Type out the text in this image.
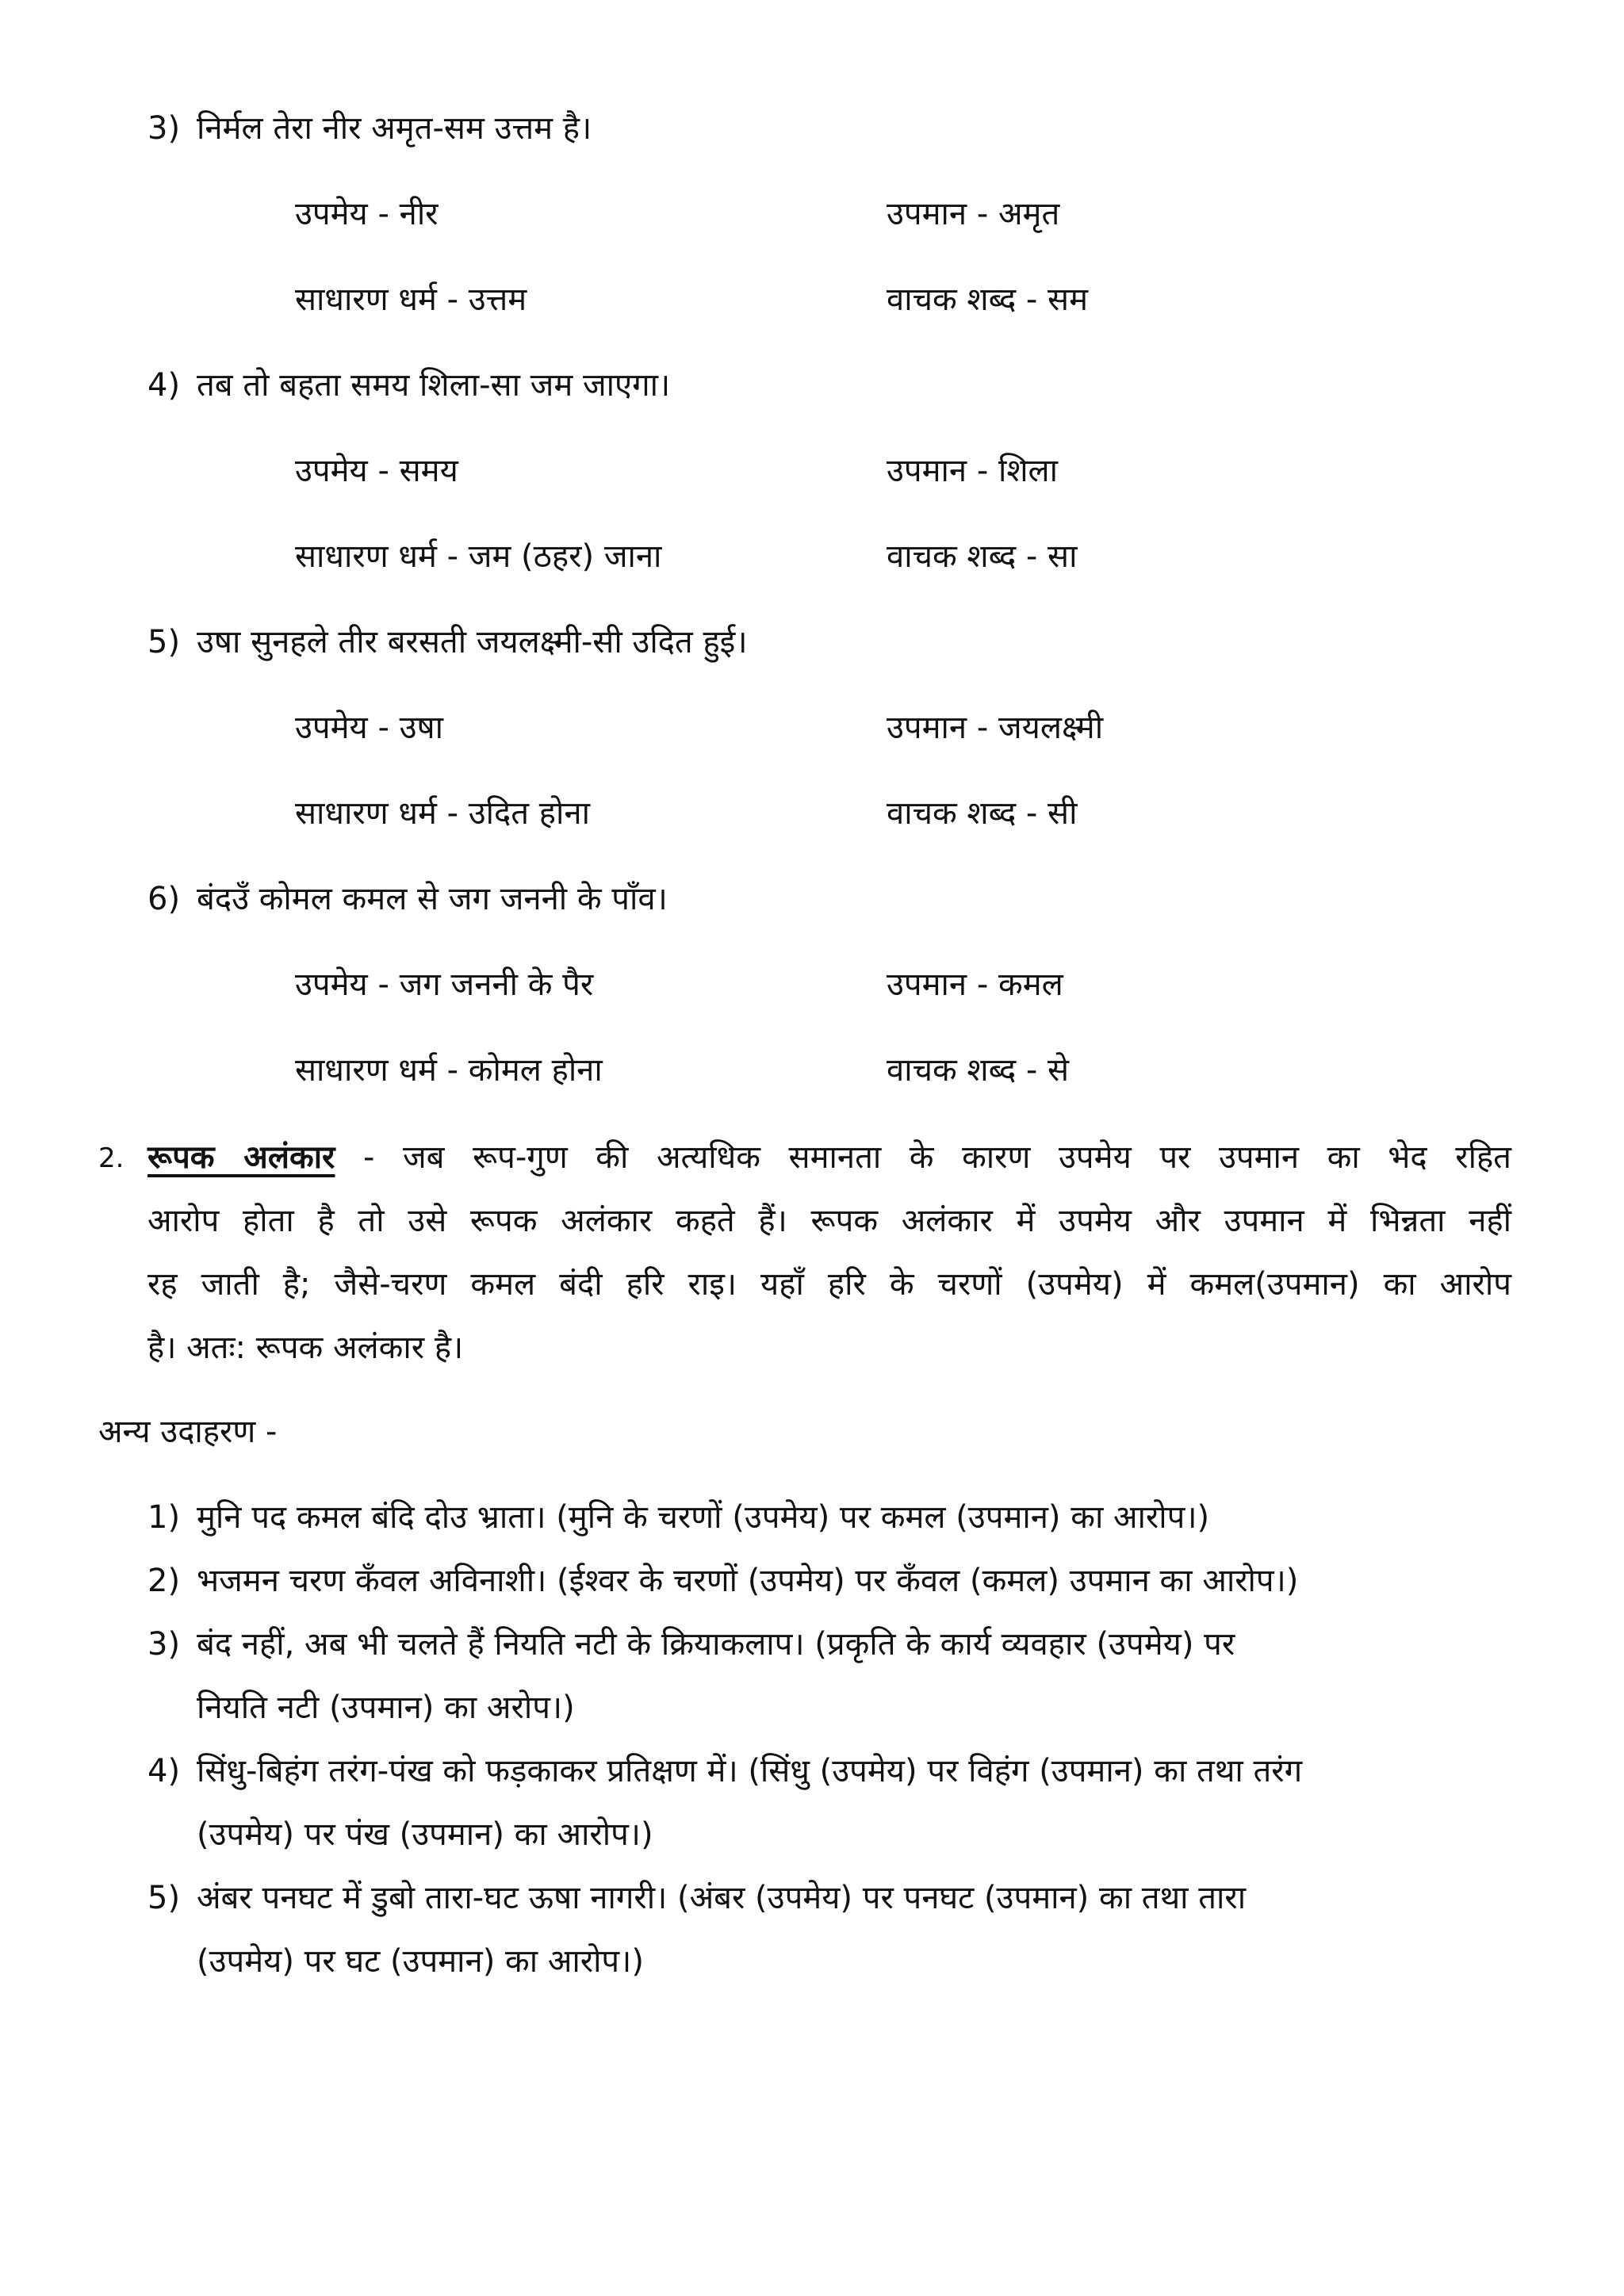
3) निर्मल तेरा नीर अमृत-सम उत्तम है।
उपमेय - नीर	उपमान - अमृत
साधारण धर्म - उत्तम	वाचक शब्द - सम
4) तब तो बहता समय शिला-सा जम जाएगा।
उपमेय - समय	उपमान - शिला
साधारण धर्म - जम (ठहर) जाना	वाचक शब्द - सा
5) उषा सुनहले तीर बरसती जयलक्ष्मी-सी उदित हुई।
उपमेय - उषा	उपमान - जयलक्ष्मी
साधारण धर्म - उदित होना	वाचक शब्द - सी
6) बंदउँ कोमल कमल से जग जननी के पाँव।
उपमेय - जग जननी के पैर	उपमान - कमल
साधारण धर्म - कोमल होना	वाचक शब्द - से
2. रूपक अलंकार - जब रूप-गुण की अत्यधिक समानता के कारण उपमेय पर उपमान का भेद रहित
आरोप होता है तो उसे रूपक अलंकार कहते हैं। रूपक अलंकार में उपमेय और उपमान में भिन्नता नहीं
रह जाती है; जैसे-चरण कमल बंदी हरि राइ। यहाँ हरि के चरणों (उपमेय) में कमल(उपमान) का आरोप
है। अतः: रूपक अलंकार है।
अन्य उदाहरण -
1) मुनि पद कमल बंदि दोउ भ्राता। (मुनि के चरणों (उपमेय) पर कमल (उपमान) का आरोप।)
2) भजमन चरण कँवल अविनाशी। (ईश्वर के चरणों (उपमेय) पर कँवल (कमल) उपमान का आरोप।)
3) बंद नहीं, अब भी चलते हैं नियति नटी के क्रियाकलाप। (प्रकृति के कार्य व्यवहार (उपमेय) पर
नियति नटी (उपमान) का अरोप।)
4) सिंधु-बिहंग तरंग-पंख को फड़काकर प्रतिक्षण में। (सिंधु (उपमेय) पर विहंग (उपमान) का तथा तरंग
(उपमेय) पर पंख (उपमान) का आरोप।)
5) अंबर पनघट में डुबो तारा-घट ऊषा नागरी। (अंबर (उपमेय) पर पनघट (उपमान) का तथा तारा
(उपमेय) पर घट (उपमान) का आरोप।)
